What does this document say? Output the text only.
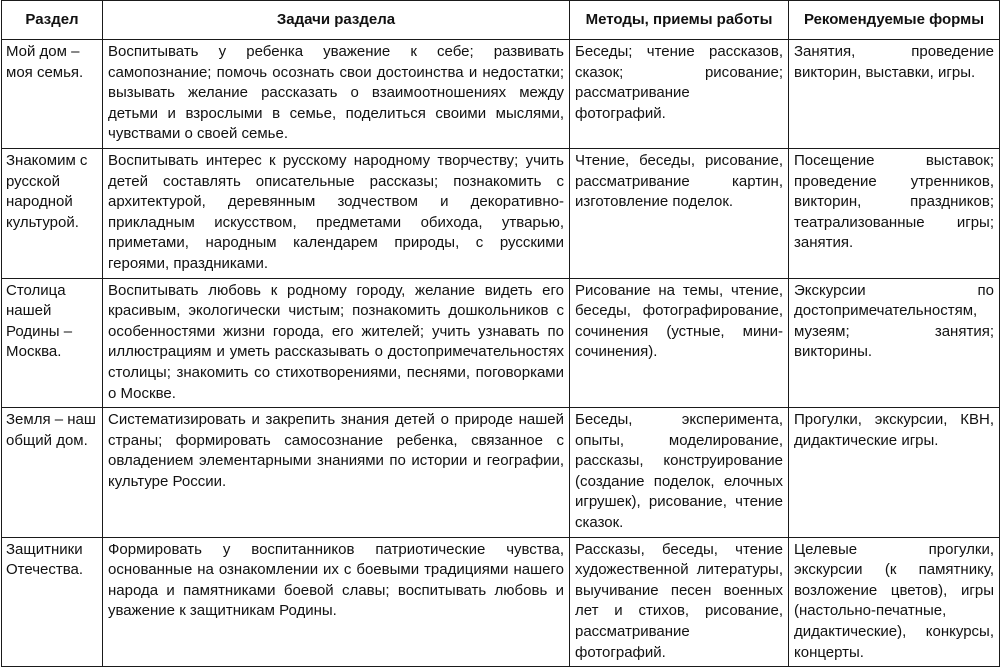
Раздел	Задачи раздела	Методы, приемы работы	Рекомендуемые формы
Мой дом – моя семья.	Воспитывать у ребенка уважение к себе; развивать самопознание; помочь осознать свои достоинства и недостатки; вызывать желание рассказать о взаимоотношениях между детьми и взрослыми в семье, поделиться своими мыслями, чувствами о своей семье.	Беседы; чтение рассказов, сказок; рисование; рассматривание фотографий.	Занятия, проведение викторин, выставки, игры.
Знакомим с русской народной культурой.	Воспитывать интерес к русскому народному творчеству; учить детей составлять описательные рассказы; познакомить с архитектурой, деревянным зодчеством и декоративно-прикладным искусством, предметами обихода, утварью, приметами, народным календарем природы, с русскими героями, праздниками.	Чтение, беседы, рисование, рассматривание картин, изготовление поделок.	Посещение выставок; проведение утренников, викторин, праздников; театрализованные игры; занятия.
Столица нашей Родины – Москва.	Воспитывать любовь к родному городу, желание видеть его красивым, экологически чистым; познакомить дошкольников с особенностями жизни города, его жителей; учить узнавать по иллюстрациям и уметь рассказывать о достопримечательностях столицы; знакомить со стихотворениями, песнями, поговорками о Москве.	Рисование на темы, чтение, беседы, фотографирование, сочинения (устные, мини-сочинения).	Экскурсии по достопримечательностям, музеям; занятия; викторины.
Земля – наш общий дом.	Систематизировать и закрепить знания детей о природе нашей страны; формировать самосознание ребенка, связанное с овладением элементарными знаниями по истории и географии, культуре России.	Беседы, эксперимента, опыты, моделирование, рассказы, конструирование (создание поделок, елочных игрушек), рисование, чтение сказок.	Прогулки, экскурсии, КВН, дидактические игры.
Защитники Отечества.	Формировать у воспитанников патриотические чувства, основанные на ознакомлении их с боевыми традициями нашего народа и памятниками боевой славы; воспитывать любовь и уважение к защитникам Родины.	Рассказы, беседы, чтение художественной литературы, выучивание песен военных лет и стихов, рисование, рассматривание фотографий.	Целевые прогулки, экскурсии (к памятнику, возложение цветов), игры (настольно-печатные, дидактические), конкурсы, концерты.
